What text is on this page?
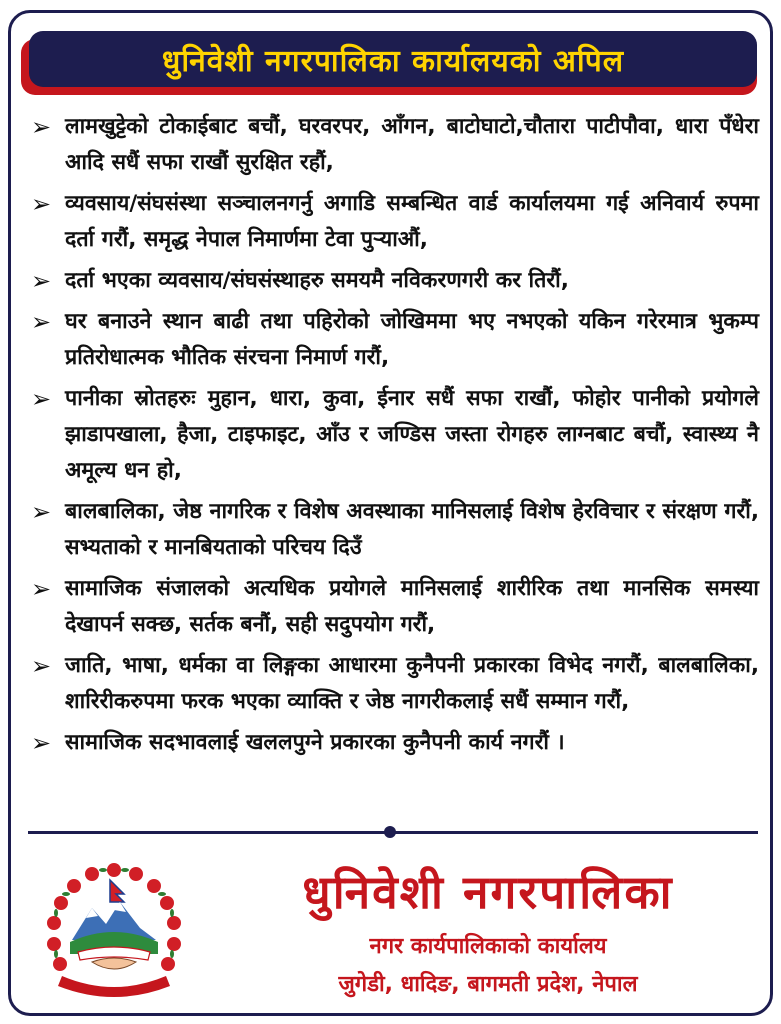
धुनिवेशी नगरपालिका कार्यालयको अपिल
➢ लामखुट्टेको टोकाईबाट बचौं, घरवरपर, आँगन, बाटोघाटो,चौतारा पाटीपौवा, धारा पँधेरा आदि सधैं सफा राखौं सुरक्षित रहौं,
➢ व्यवसाय/संघसंस्था सञ्चालनगर्नु अगाडि सम्बन्धित वार्ड कार्यालयमा गई अनिवार्य रुपमा दर्ता गरौं, समृद्ध नेपाल निमार्णमा टेवा पुऱ्याऔं,
➢ दर्ता भएका व्यवसाय/संघसंस्थाहरु समयमै नविकरणगरी कर तिरौं,
➢ घर बनाउने स्थान बाढी तथा पहिरोको जोखिममा भए नभएको यकिन गरेरमात्र भुकम्प प्रतिरोधात्मक भौतिक संरचना निमार्ण गरौं,
➢ पानीका स्रोतहरुः मुहान, धारा, कुवा, ईनार सधैं सफा राखौं, फोहोर पानीको प्रयोगले झाडापखाला, हैजा, टाइफाइट, आँउ र जण्डिस जस्ता रोगहरु लाग्नबाट बचौं, स्वास्थ्य नै अमूल्य धन हो,
➢ बालबालिका, जेष्ठ नागरिक र विशेष अवस्थाका मानिसलाई विशेष हेरविचार र संरक्षण गरौं, सभ्यताको र मानबियताको परिचय दिउँ
➢ सामाजिक संजालको अत्यधिक प्रयोगले मानिसलाई शारीरिक तथा मानसिक समस्या देखापर्न सक्छ, सर्तक बनौं, सही सदुपयोग गरौं,
➢ जाति, भाषा, धर्मका वा लिङ्गका आधारमा कुनैपनी प्रकारका विभेद नगरौं, बालबालिका, शारिरीकरुपमा फरक भएका व्याक्ति र जेष्ठ नागरीकलाई सधैं सम्मान गरौं,
➢ सामाजिक सदभावलाई खललपुग्ने प्रकारका कुनैपनी कार्य नगरौं ।
धुनिवेशी नगरपालिका
नगर कार्यपालिकाको कार्यालय
जुगेडी, धादिङ, बागमती प्रदेश, नेपाल
